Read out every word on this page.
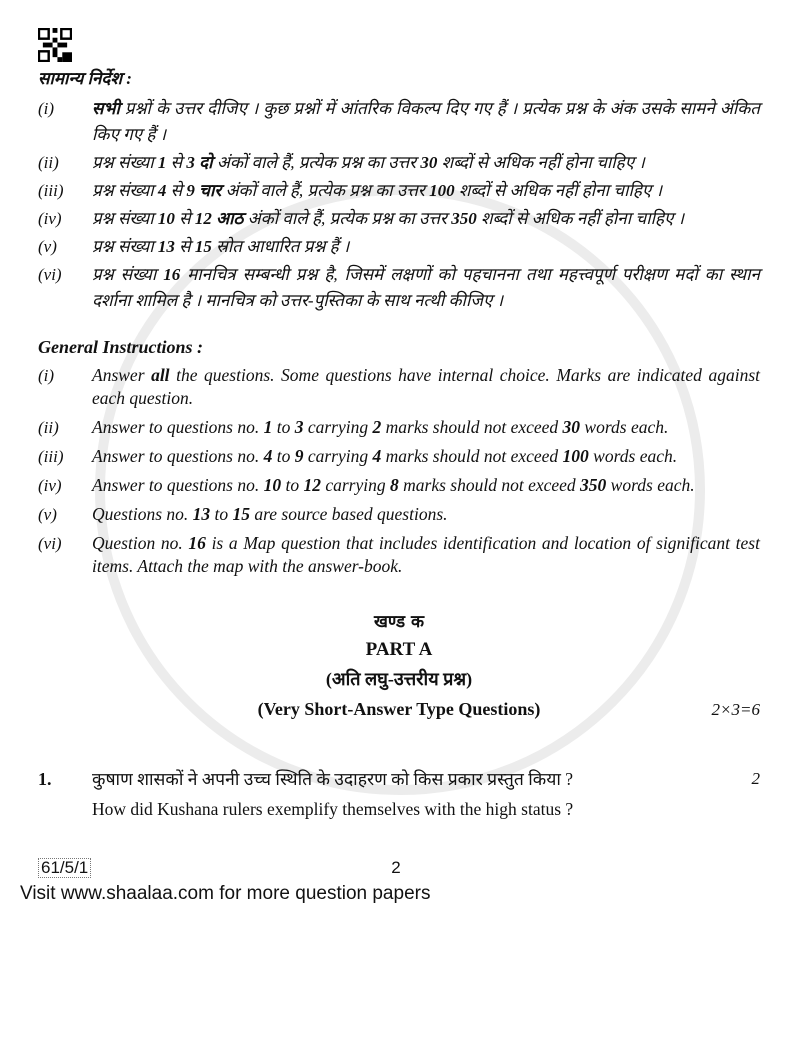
सामान्य निर्देश :
(i)	सभी प्रश्नों के उत्तर दीजिए । कुछ प्रश्नों में आंतरिक विकल्प दिए गए हैं । प्रत्येक प्रश्न के अंक उसके सामने अंकित किए गए हैं ।
(ii)	प्रश्न संख्या 1 से 3 दो अंकों वाले हैं, प्रत्येक प्रश्न का उत्तर 30 शब्दों से अधिक नहीं होना चाहिए ।
(iii)	प्रश्न संख्या 4 से 9 चार अंकों वाले हैं, प्रत्येक प्रश्न का उत्तर 100 शब्दों से अधिक नहीं होना चाहिए ।
(iv)	प्रश्न संख्या 10 से 12 आठ अंकों वाले हैं, प्रत्येक प्रश्न का उत्तर 350 शब्दों से अधिक नहीं होना चाहिए ।
(v)	प्रश्न संख्या 13 से 15 स्रोत आधारित प्रश्न हैं ।
(vi)	प्रश्न संख्या 16 मानचित्र सम्बन्धी प्रश्न है, जिसमें लक्षणों को पहचानना तथा महत्त्वपूर्ण परीक्षण मदों का स्थान दर्शाना शामिल है । मानचित्र को उत्तर-पुस्तिका के साथ नत्थी कीजिए ।
General Instructions :
(i)	Answer all the questions. Some questions have internal choice. Marks are indicated against each question.
(ii)	Answer to questions no. 1 to 3 carrying 2 marks should not exceed 30 words each.
(iii)	Answer to questions no. 4 to 9 carrying 4 marks should not exceed 100 words each.
(iv)	Answer to questions no. 10 to 12 carrying 8 marks should not exceed 350 words each.
(v)	Questions no. 13 to 15 are source based questions.
(vi)	Question no. 16 is a Map question that includes identification and location of significant test items. Attach the map with the answer-book.
खण्ड क
PART A
(अति लघु-उत्तरीय प्रश्न)
(Very Short-Answer Type Questions)	2×3=6
1.	कुषाण शासकों ने अपनी उच्च स्थिति के उदाहरण को किस प्रकार प्रस्तुत किया ?
How did Kushana rulers exemplify themselves with the high status ?
2
61/5/1	2
Visit www.shaalaa.com for more question papers
